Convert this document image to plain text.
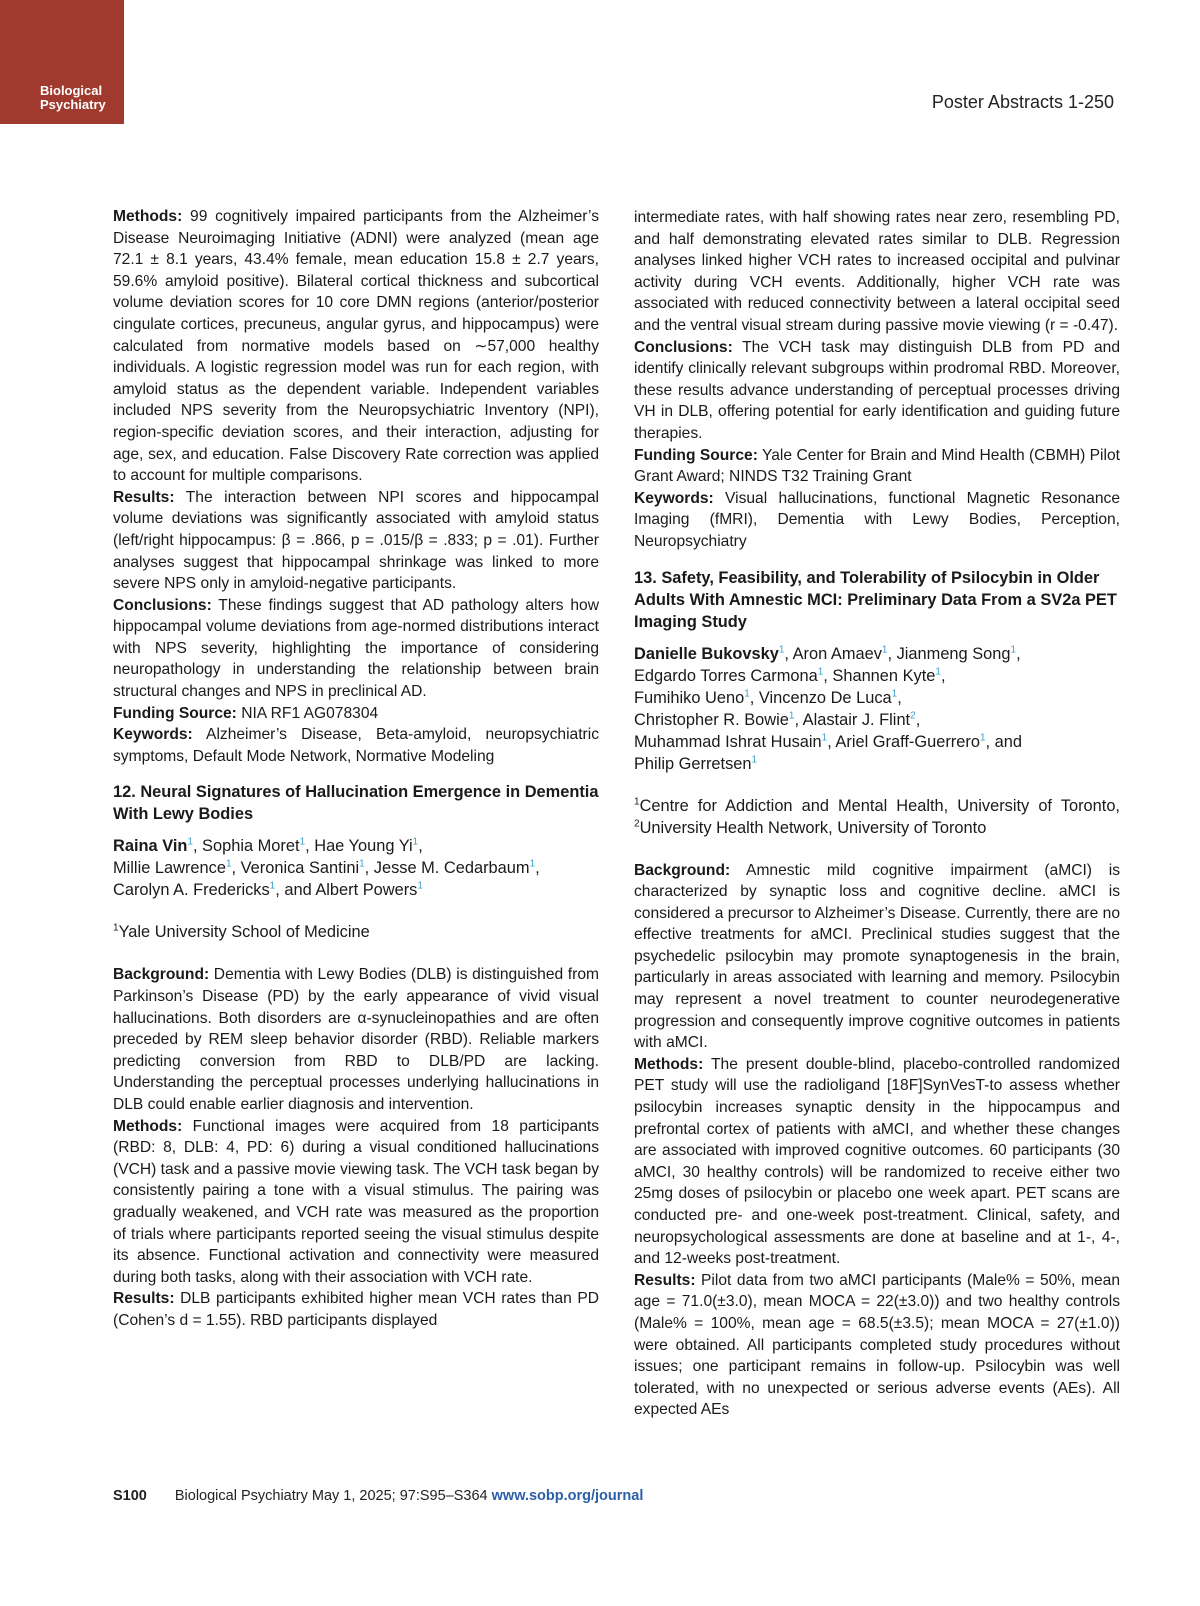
Biological
Psychiatry	Poster Abstracts 1-250

Methods: 99 cognitively impaired participants from the Alzheimer’s Disease Neuroimaging Initiative (ADNI) were analyzed (mean age 72.1 ± 8.1 years, 43.4% female, mean education 15.8 ± 2.7 years, 59.6% amyloid positive). Bilateral cortical thickness and subcortical volume deviation scores for 10 core DMN regions (anterior/posterior cingulate cortices, precuneus, angular gyrus, and hippocampus) were calculated from normative models based on ∼57,000 healthy individuals. A logistic regression model was run for each region, with amyloid status as the dependent variable. Independent variables included NPS severity from the Neuropsychiatric Inventory (NPI), region-specific deviation scores, and their interaction, adjusting for age, sex, and education. False Discovery Rate correction was applied to account for multiple comparisons.

Results: The interaction between NPI scores and hippocampal volume deviations was significantly associated with amyloid status (left/right hippocampus: β = .866, p = .015/β = .833; p = .01). Further analyses suggest that hippocampal shrinkage was linked to more severe NPS only in amyloid-negative participants.

Conclusions: These findings suggest that AD pathology alters how hippocampal volume deviations from age-normed distributions interact with NPS severity, highlighting the importance of considering neuropathology in understanding the relationship between brain structural changes and NPS in preclinical AD.

Funding Source: NIA RF1 AG078304

Keywords: Alzheimer’s Disease, Beta-amyloid, neuropsychiatric symptoms, Default Mode Network, Normative Modeling

12. Neural Signatures of Hallucination Emergence in Dementia With Lewy Bodies
Raina Vin$^1$, Sophia Moret$^1$, Hae Young Yi$^1$,
Millie Lawrence$^1$, Veronica Santini$^1$, Jesse M. Cedarbaum$^1$,
Carolyn A. Fredericks$^1$, and Albert Powers$^1$
$^1$Yale University School of Medicine

Background: Dementia with Lewy Bodies (DLB) is distinguished from Parkinson’s Disease (PD) by the early appearance of vivid visual hallucinations. Both disorders are α-synucleinopathies and are often preceded by REM sleep behavior disorder (RBD). Reliable markers predicting conversion from RBD to DLB/PD are lacking. Understanding the perceptual processes underlying hallucinations in DLB could enable earlier diagnosis and intervention.

Methods: Functional images were acquired from 18 participants (RBD: 8, DLB: 4, PD: 6) during a visual conditioned hallucinations (VCH) task and a passive movie viewing task. The VCH task began by consistently pairing a tone with a visual stimulus. The pairing was gradually weakened, and VCH rate was measured as the proportion of trials where participants reported seeing the visual stimulus despite its absence. Functional activation and connectivity were measured during both tasks, along with their association with VCH rate.

Results: DLB participants exhibited higher mean VCH rates than PD (Cohen’s d = 1.55). RBD participants displayed

intermediate rates, with half showing rates near zero, resembling PD, and half demonstrating elevated rates similar to DLB. Regression analyses linked higher VCH rates to increased occipital and pulvinar activity during VCH events. Additionally, higher VCH rate was associated with reduced connectivity between a lateral occipital seed and the ventral visual stream during passive movie viewing (r = -0.47).

Conclusions: The VCH task may distinguish DLB from PD and identify clinically relevant subgroups within prodromal RBD. Moreover, these results advance understanding of perceptual processes driving VH in DLB, offering potential for early identification and guiding future therapies.

Funding Source: Yale Center for Brain and Mind Health (CBMH) Pilot Grant Award; NINDS T32 Training Grant

Keywords: Visual hallucinations, functional Magnetic Resonance Imaging (fMRI), Dementia with Lewy Bodies, Perception, Neuropsychiatry

13. Safety, Feasibility, and Tolerability of Psilocybin in Older Adults With Amnestic MCI: Preliminary Data From a SV2a PET Imaging Study
Danielle Bukovsky$^1$, Aron Amaev$^1$, Jianmeng Song$^1$,
Edgardo Torres Carmona$^1$, Shannen Kyte$^1$,
Fumihiko Ueno$^1$, Vincenzo De Luca$^1$,
Christopher R. Bowie$^1$, Alastair J. Flint$^2$,
Muhammad Ishrat Husain$^1$, Ariel Graff-Guerrero$^1$, and
Philip Gerretsen$^1$
$^1$Centre for Addiction and Mental Health, University of Toronto, $^2$University Health Network, University of Toronto

Background: Amnestic mild cognitive impairment (aMCI) is characterized by synaptic loss and cognitive decline. aMCI is considered a precursor to Alzheimer’s Disease. Currently, there are no effective treatments for aMCI. Preclinical studies suggest that the psychedelic psilocybin may promote synaptogenesis in the brain, particularly in areas associated with learning and memory. Psilocybin may represent a novel treatment to counter neurodegenerative progression and consequently improve cognitive outcomes in patients with aMCI.

Methods: The present double-blind, placebo-controlled randomized PET study will use the radioligand [18F]SynVesT-to assess whether psilocybin increases synaptic density in the hippocampus and prefrontal cortex of patients with aMCI, and whether these changes are associated with improved cognitive outcomes. 60 participants (30 aMCI, 30 healthy controls) will be randomized to receive either two 25mg doses of psilocybin or placebo one week apart. PET scans are conducted pre- and one-week post-treatment. Clinical, safety, and neuropsychological assessments are done at baseline and at 1-, 4-, and 12-weeks post-treatment.

Results: Pilot data from two aMCI participants (Male% = 50%, mean age = 71.0(±3.0), mean MOCA = 22(±3.0)) and two healthy controls (Male% = 100%, mean age = 68.5(±3.5); mean MOCA = 27(±1.0)) were obtained. All participants completed study procedures without issues; one participant remains in follow-up. Psilocybin was well tolerated, with no unexpected or serious adverse events (AEs). All expected AEs

S100 Biological Psychiatry May 1, 2025; 97:S95–S364 www.sobp.org/journal
